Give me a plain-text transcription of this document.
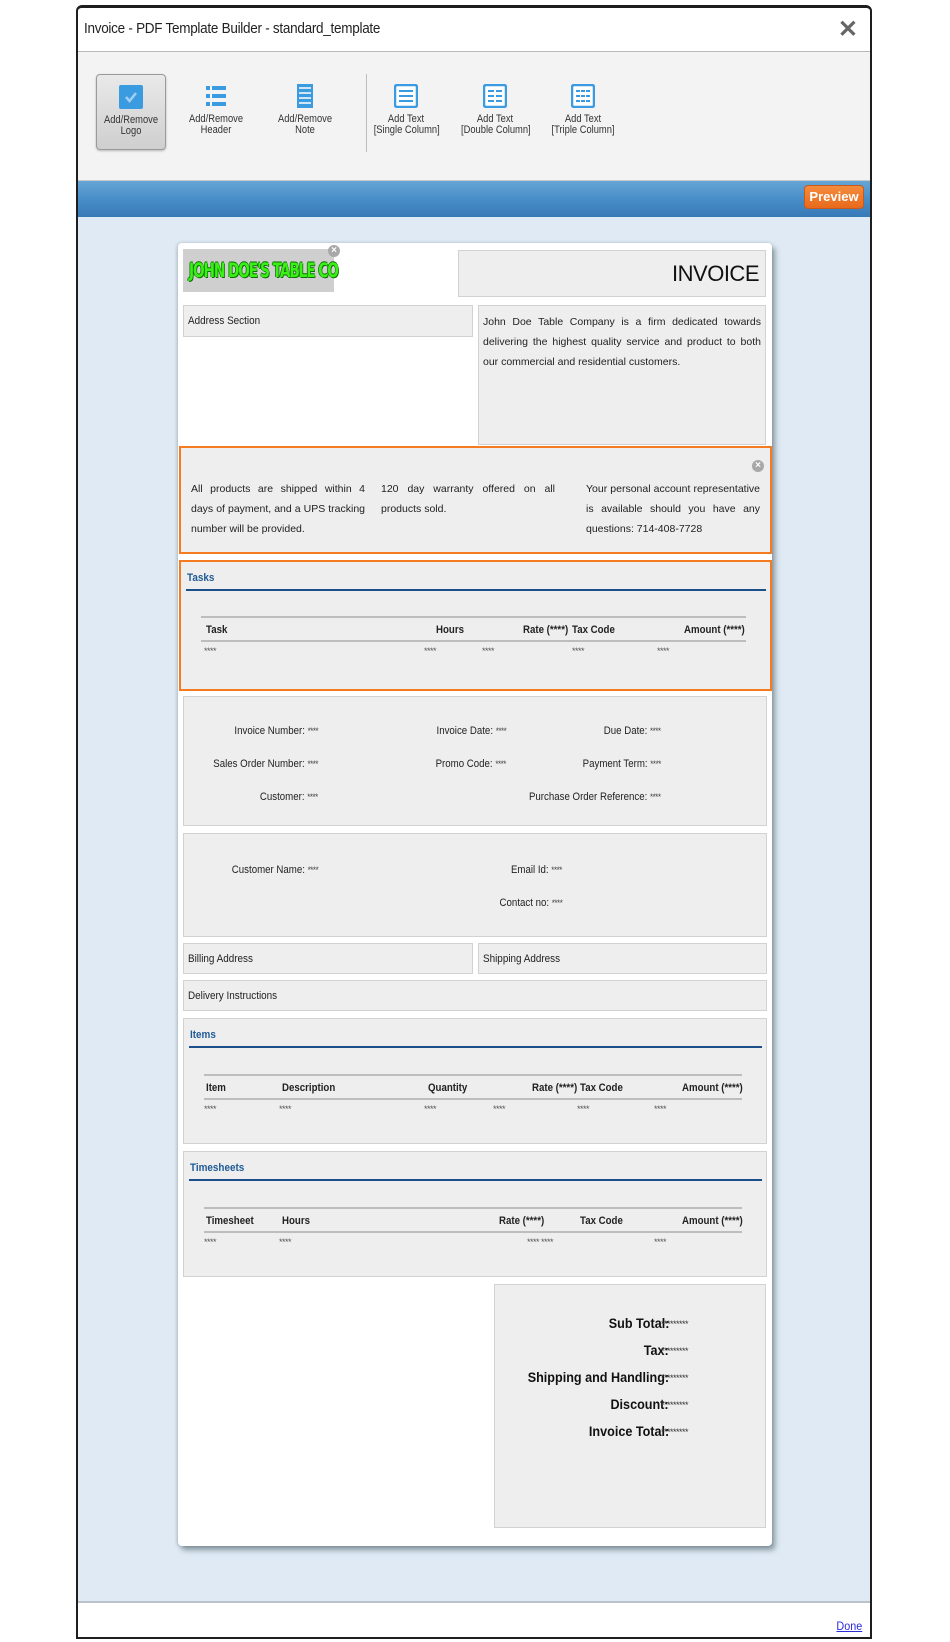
Invoice - PDF Template Builder - standard_template	✕
Add/Remove
Logo
Add/Remove
Header
Add/Remove
Note
Add Text
[Single Column]
Add Text
[Double Column]
Add Text
[Triple Column]
Preview
JOHN DOE'S TABLE CO
×
INVOICE
Address Section	John Doe Table Company is a firm dedicated towards delivering the highest quality service and product to both our commercial and residential customers.
×
All products are shipped within 4 days of payment, and a UPS tracking number will be provided.
120 day warranty offered on all products sold.
Your personal account representative is available should you have any questions: 714-408-7728
Tasks
Task	Hours	Rate (****) Tax Code	Amount (****)
****	****	****	****	****
Invoice Number: ****	Invoice Date: ****	Due Date: ****
Sales Order Number: ****	Promo Code: ****	Payment Term: ****
Customer: ****	Purchase Order Reference: ****
Customer Name: ****	Email Id: ****
Contact no: ****
Billing Address	Shipping Address
Delivery Instructions
Items
Item	Description	Quantity	Rate (****) Tax Code	Amount (****)
****	****	****	****	****	****
Timesheets
Timesheet	Hours	Rate (****)	Tax Code	Amount (****)
****	****	**** ****	****
Sub Total:
*********
Tax:
*********
Shipping and Handling:
*********
Discount:
*********
Invoice Total:
*********
Done
